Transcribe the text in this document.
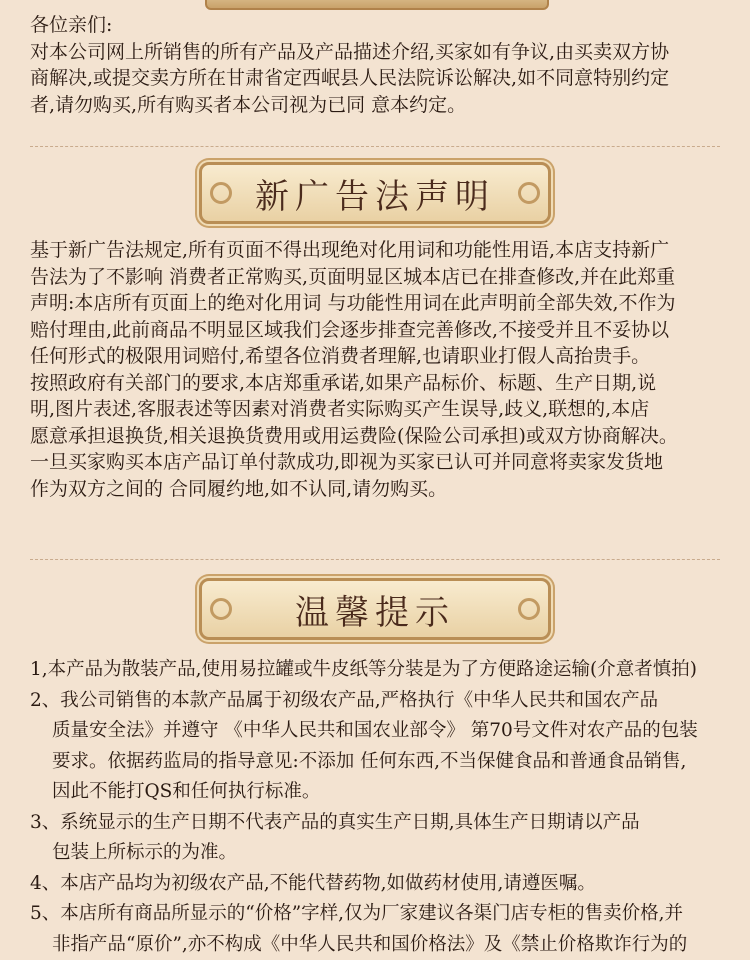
各位亲们:

对本公司网上所销售的所有产品及产品描述介绍,买家如有争议,由买卖双方协

商解决,或提交卖方所在甘肃省定西岷县人民法院诉讼解决,如不同意特别约定

者,请勿购买,所有购买者本公司视为已同 意本约定。

新广告法声明

基于新广告法规定,所有页面不得出现绝对化用词和功能性用语,本店支持新广

告法为了不影响 消费者正常购买,页面明显区城本店已在排查修改,并在此郑重

声明:本店所有页面上的绝对化用词 与功能性用词在此声明前全部失效,不作为

赔付理由,此前商品不明显区域我们会逐步排查完善修改,不接受并且不妥协以

任何形式的极限用词赔付,希望各位消费者理解,也请职业打假人高抬贵手。

按照政府有关部门的要求,本店郑重承诺,如果产品标价、标题、生产日期,说

明,图片表述,客服表述等因素对消费者实际购买产生误导,歧义,联想的,本店

愿意承担退换货,相关退换货费用或用运费险(保险公司承担)或双方协商解决。

一旦买家购买本店产品订单付款成功,即视为买家已认可并同意将卖家发货地

作为双方之间的 合同履约地,如不认同,请勿购买。

温馨提示

1,本产品为散装产品,使用易拉罐或牛皮纸等分装是为了方便路途运输(介意者慎拍)

2、我公司销售的本款产品属于初级农产品,严格执行《中华人民共和国农产品

质量安全法》并遵守 《中华人民共和国农业部令》 第70号文件对农产品的包装

要求。依据药监局的指导意见:不添加 任何东西,不当保健食品和普通食品销售,

因此不能打QS和任何执行标准。

3、系统显示的生产日期不代表产品的真实生产日期,具体生产日期请以产品

包装上所标示的为准。

4、本店产品均为初级农产品,不能代替药物,如做药材使用,请遵医嘱。

5、本店所有商品所显示的“价格”字样,仅为厂家建议各渠门店专柜的售卖价格,并

非指产品“原价”,亦不构成《中华人民共和国价格法》及《禁止价格欺诈行为的
